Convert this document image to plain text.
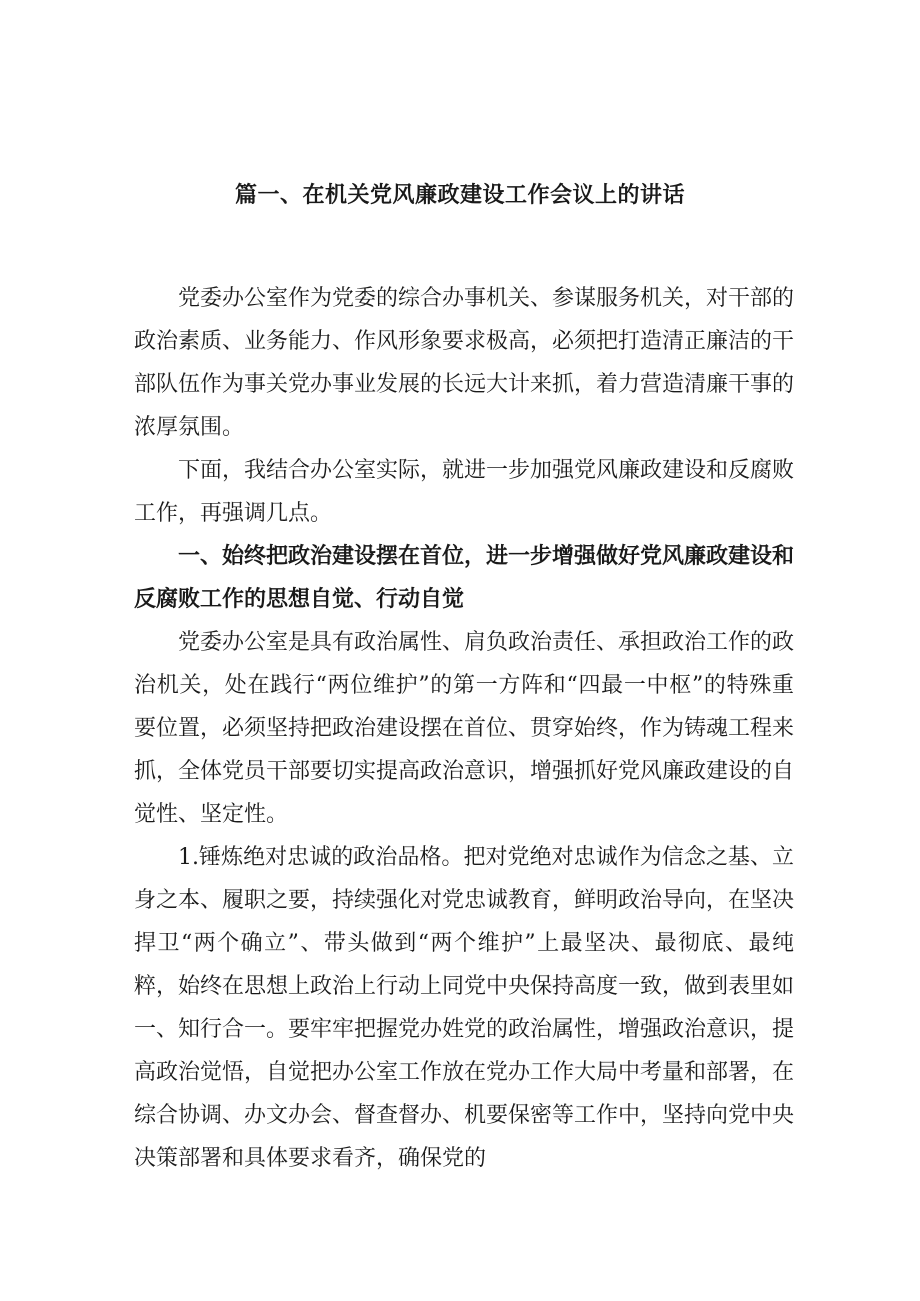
篇一、在机关党风廉政建设工作会议上的讲话

党委办公室作为党委的综合办事机关、参谋服务机关，对干部的政治素质、业务能力、作风形象要求极高，必须把打造清正廉洁的干部队伍作为事关党办事业发展的长远大计来抓，着力营造清廉干事的浓厚氛围。

下面，我结合办公室实际，就进一步加强党风廉政建设和反腐败工作，再强调几点。

一、始终把政治建设摆在首位，进一步增强做好党风廉政建设和反腐败工作的思想自觉、行动自觉

党委办公室是具有政治属性、肩负政治责任、承担政治工作的政治机关，处在践行“两位维护”的第一方阵和“四最一中枢”的特殊重要位置，必须坚持把政治建设摆在首位、贯穿始终，作为铸魂工程来抓，全体党员干部要切实提高政治意识，增强抓好党风廉政建设的自觉性、坚定性。

1.锤炼绝对忠诚的政治品格。把对党绝对忠诚作为信念之基、立身之本、履职之要，持续强化对党忠诚教育，鲜明政治导向，在坚决捍卫“两个确立”、带头做到“两个维护”上最坚决、最彻底、最纯粹，始终在思想上政治上行动上同党中央保持高度一致，做到表里如一、知行合一。要牢牢把握党办姓党的政治属性，增强政治意识，提高政治觉悟，自觉把办公室工作放在党办工作大局中考量和部署，在综合协调、办文办会、督查督办、机要保密等工作中，坚持向党中央决策部署和具体要求看齐，确保党的
